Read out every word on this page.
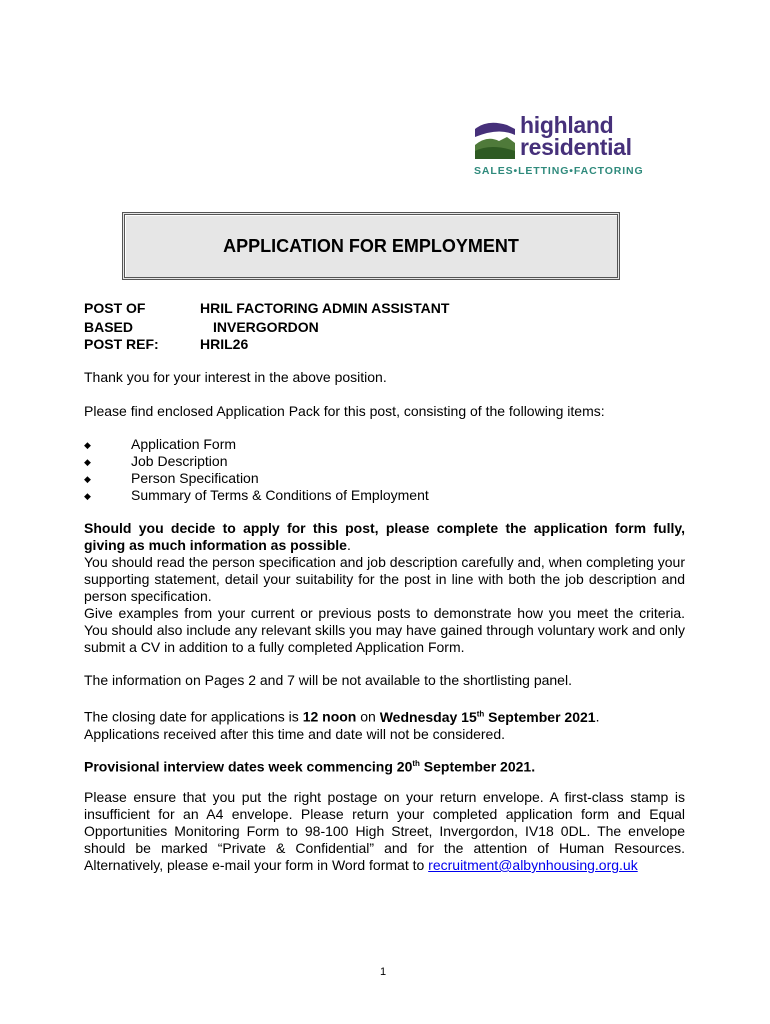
highland
residential
SALES•LETTING•FACTORING
APPLICATION FOR EMPLOYMENT
POST OF	HRIL FACTORING ADMIN ASSISTANT
BASED	INVERGORDON
POST REF:	HRIL26
Thank you for your interest in the above position.
Please find enclosed Application Pack for this post, consisting of the following items:
◆	Application Form
◆	Job Description
◆	Person Specification
◆	Summary of Terms & Conditions of Employment
Should you decide to apply for this post, please complete the application form fully, giving as much information as possible.
You should read the person specification and job description carefully and, when completing your supporting statement, detail your suitability for the post in line with both the job description and person specification.
Give examples from your current or previous posts to demonstrate how you meet the criteria. You should also include any relevant skills you may have gained through voluntary work and only submit a CV in addition to a fully completed Application Form.
The information on Pages 2 and 7 will be not available to the shortlisting panel.
The closing date for applications is 12 noon on Wednesday 15th September 2021.
Applications received after this time and date will not be considered.
Provisional interview dates week commencing 20th September 2021.
Please ensure that you put the right postage on your return envelope. A first-class stamp is insufficient for an A4 envelope. Please return your completed application form and Equal Opportunities Monitoring Form to 98-100 High Street, Invergordon, IV18 0DL. The envelope should be marked “Private & Confidential” and for the attention of Human Resources. Alternatively, please e-mail your form in Word format to recruitment@albynhousing.org.uk
1
